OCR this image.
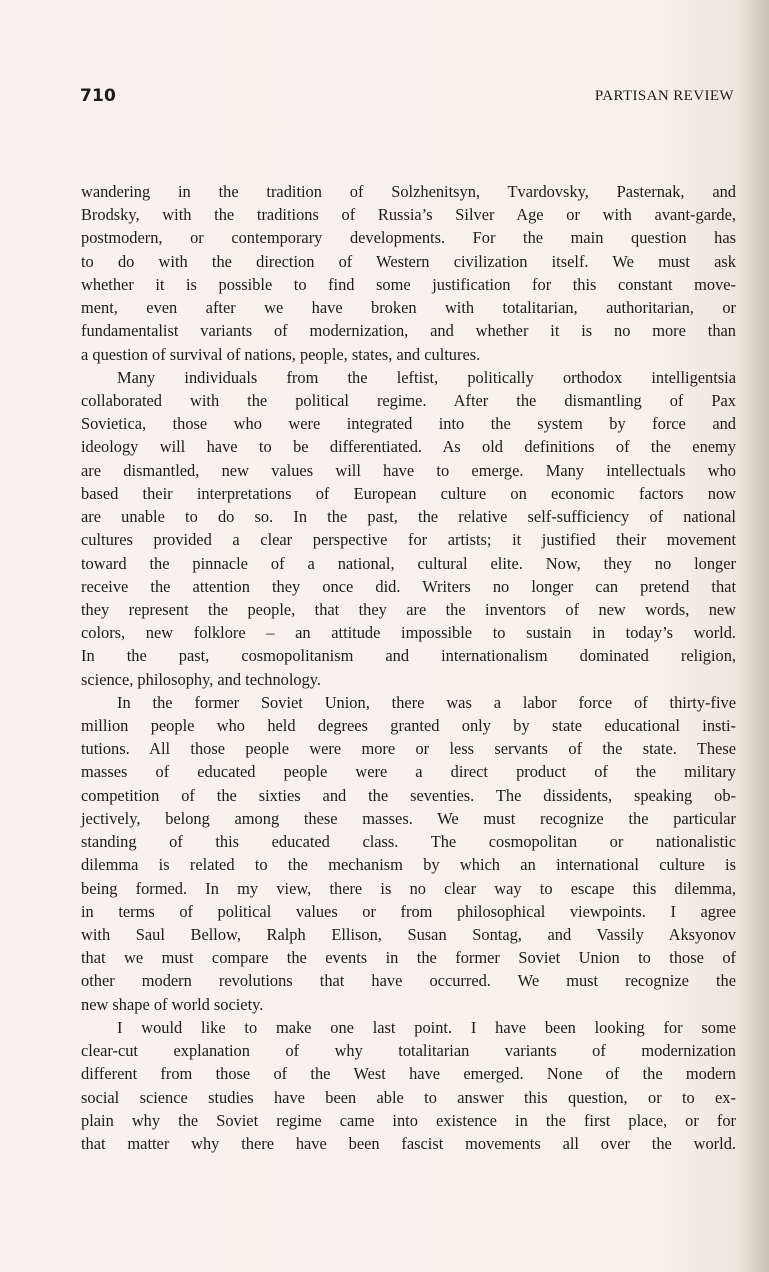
710	PARTISAN REVIEW
wandering in the tradition of Solzhenitsyn, Tvardovsky, Pasternak, and
Brodsky, with the traditions of Russia’s Silver Age or with avant-garde,
postmodern, or contemporary developments. For the main question has
to do with the direction of Western civilization itself. We must ask
whether it is possible to find some justification for this constant move-
ment, even after we have broken with totalitarian, authoritarian, or
fundamentalist variants of modernization, and whether it is no more than
a question of survival of nations, people, states, and cultures.
Many individuals from the leftist, politically orthodox intelligentsia
collaborated with the political regime. After the dismantling of Pax
Sovietica, those who were integrated into the system by force and
ideology will have to be differentiated. As old definitions of the enemy
are dismantled, new values will have to emerge. Many intellectuals who
based their interpretations of European culture on economic factors now
are unable to do so. In the past, the relative self-sufficiency of national
cultures provided a clear perspective for artists; it justified their movement
toward the pinnacle of a national, cultural elite. Now, they no longer
receive the attention they once did. Writers no longer can pretend that
they represent the people, that they are the inventors of new words, new
colors, new folklore – an attitude impossible to sustain in today’s world.
In the past, cosmopolitanism and internationalism dominated religion,
science, philosophy, and technology.
In the former Soviet Union, there was a labor force of thirty-five
million people who held degrees granted only by state educational insti-
tutions. All those people were more or less servants of the state. These
masses of educated people were a direct product of the military
competition of the sixties and the seventies. The dissidents, speaking ob-
jectively, belong among these masses. We must recognize the particular
standing of this educated class. The cosmopolitan or nationalistic
dilemma is related to the mechanism by which an international culture is
being formed. In my view, there is no clear way to escape this dilemma,
in terms of political values or from philosophical viewpoints. I agree
with Saul Bellow, Ralph Ellison, Susan Sontag, and Vassily Aksyonov
that we must compare the events in the former Soviet Union to those of
other modern revolutions that have occurred. We must recognize the
new shape of world society.
I would like to make one last point. I have been looking for some
clear-cut explanation of why totalitarian variants of modernization
different from those of the West have emerged. None of the modern
social science studies have been able to answer this question, or to ex-
plain why the Soviet regime came into existence in the first place, or for
that matter why there have been fascist movements all over the world.
